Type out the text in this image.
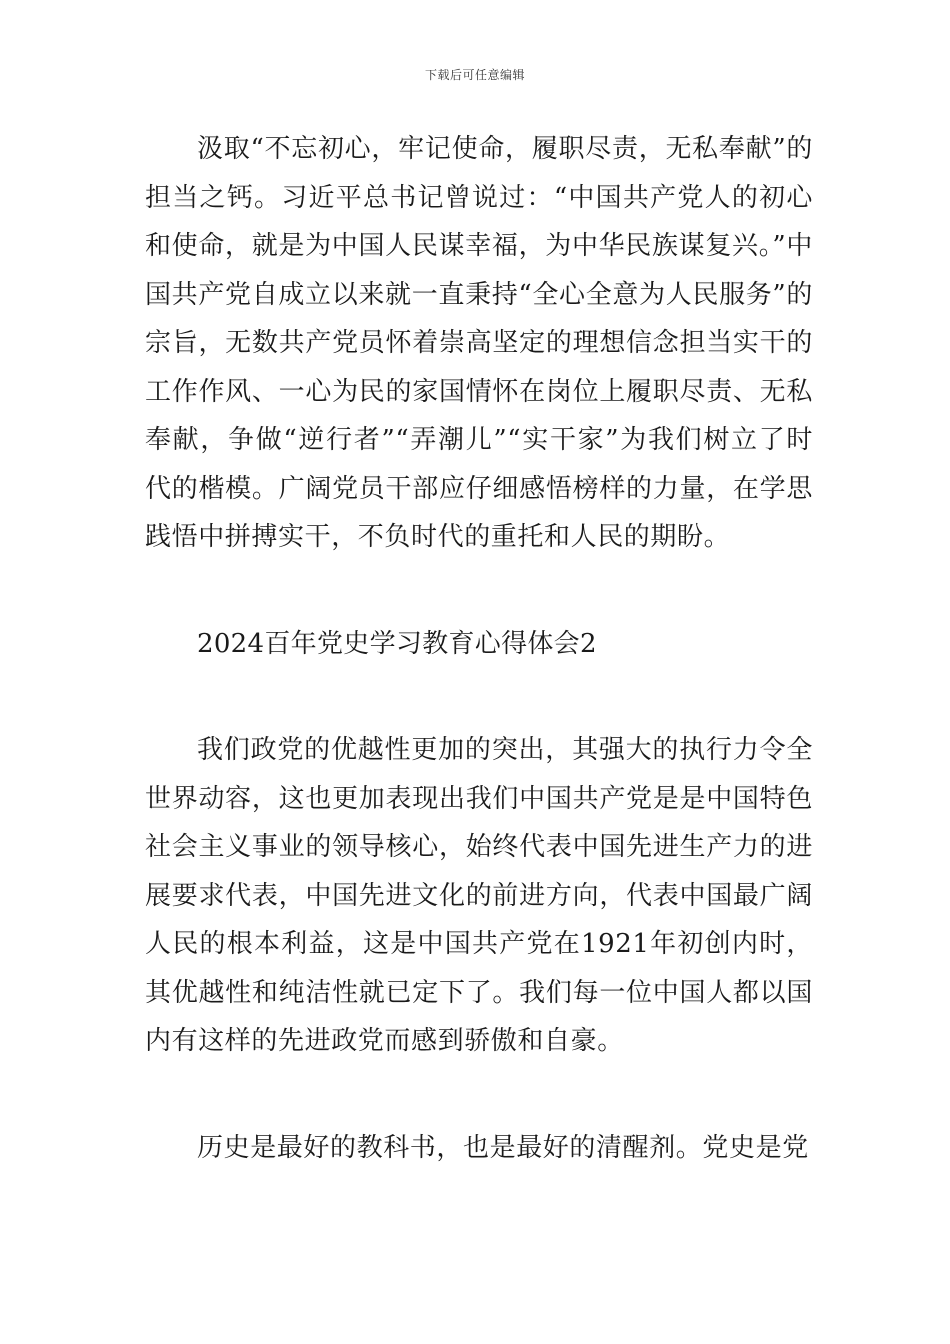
下载后可任意编辑

汲取“不忘初心，牢记使命，履职尽责，无私奉献”的担当之钙。习近平总书记曾说过：“中国共产党人的初心和使命，就是为中国人民谋幸福，为中华民族谋复兴。”中国共产党自成立以来就一直秉持“全心全意为人民服务”的宗旨，无数共产党员怀着崇高坚定的理想信念担当实干的工作作风、一心为民的家国情怀在岗位上履职尽责、无私奉献，争做“逆行者”“弄潮儿”“实干家”为我们树立了时代的楷模。广阔党员干部应仔细感悟榜样的力量，在学思践悟中拼搏实干，不负时代的重托和人民的期盼。

2024百年党史学习教育心得体会2

我们政党的优越性更加的突出，其强大的执行力令全世界动容，这也更加表现出我们中国共产党是是中国特色社会主义事业的领导核心，始终代表中国先进生产力的进展要求代表，中国先进文化的前进方向，代表中国最广阔人民的根本利益，这是中国共产党在1921年初创内时，其优越性和纯洁性就已定下了。我们每一位中国人都以国内有这样的先进政党而感到骄傲和自豪。

历史是最好的教科书，也是最好的清醒剂。党史是党
